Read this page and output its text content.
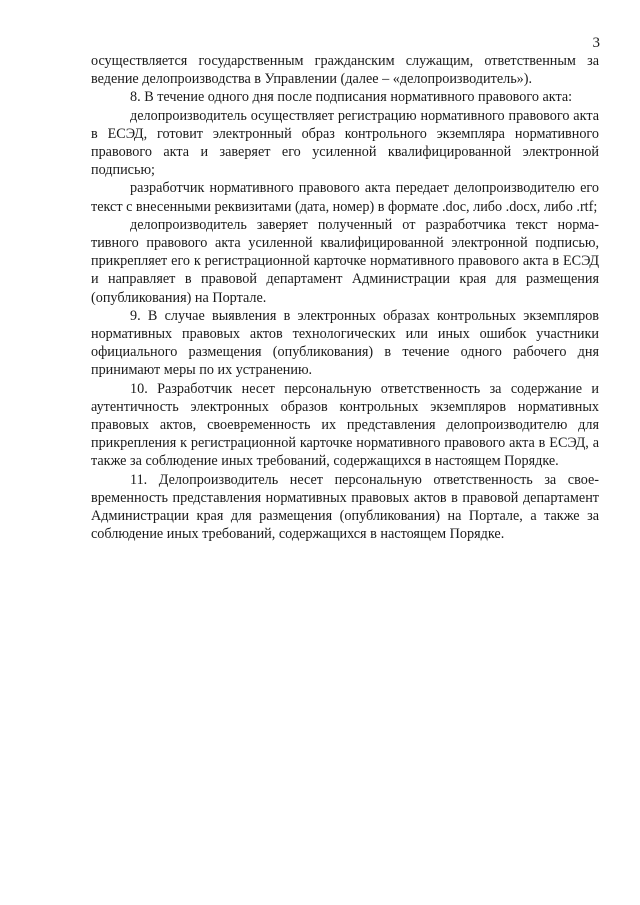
3

осуществляется государственным гражданским служащим, ответственным за ведение делопроизводства в Управлении (далее – «делопроизводитель»).

8. В течение одного дня после подписания нормативного правового акта:

делопроизводитель осуществляет регистрацию нормативного правового акта в ЕСЭД, готовит электронный образ контрольного экземпляра нормативного правового акта и заверяет его усиленной квалифицированной электронной подписью;

разработчик нормативного правового акта передает делопроизводителю его текст с внесенными реквизитами (дата, номер) в формате .doc, либо .docx, либо .rtf;

делопроизводитель заверяет полученный от разработчика текст нормативного правового акта усиленной квалифицированной электронной подписью, прикрепляет его к регистрационной карточке нормативного правового акта в ЕСЭД и направляет в правовой департамент Администрации края для размещения (опубликования) на Портале.

9. В случае выявления в электронных образах контрольных экземпляров нормативных правовых актов технологических или иных ошибок участники официального размещения (опубликования) в течение одного рабочего дня принимают меры по их устранению.

10. Разработчик несет персональную ответственность за содержание и аутентичность электронных образов контрольных экземпляров нормативных правовых актов, своевременность их представления делопроизводителю для прикрепления к регистрационной карточке нормативного правового акта в ЕСЭД, а также за соблюдение иных требований, содержащихся в настоящем Порядке.

11. Делопроизводитель несет персональную ответственность за своевременность представления нормативных правовых актов в правовой департамент Администрации края для размещения (опубликования) на Портале, а также за соблюдение иных требований, содержащихся в настоящем Порядке.
